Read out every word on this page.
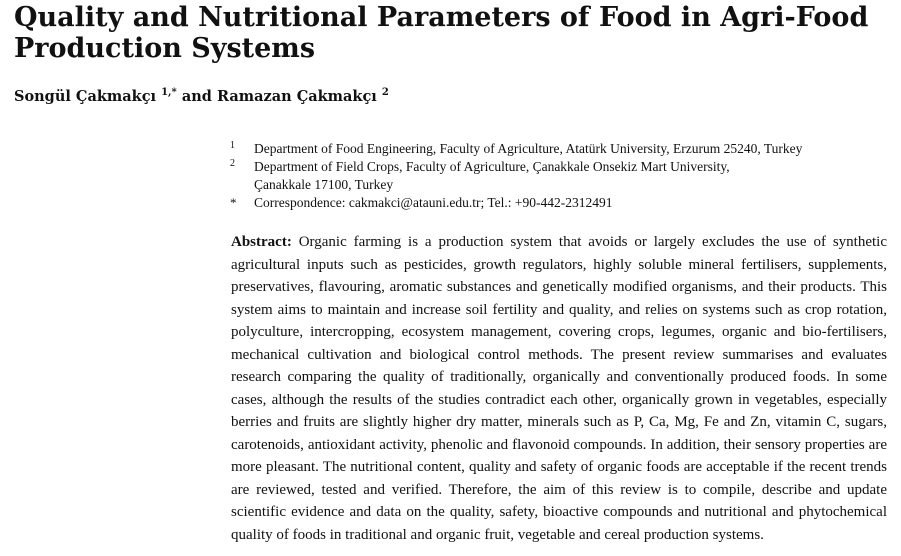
Quality and Nutritional Parameters of Food in Agri-Food
Production Systems
Songül Çakmakçı $^{1,*}$ and Ramazan Çakmakçı $^2$
1 Department of Food Engineering, Faculty of Agriculture, Atatürk University, Erzurum 25240, Turkey
2 Department of Field Crops, Faculty of Agriculture, Çanakkale Onsekiz Mart University,
Çanakkale 17100, Turkey
* Correspondence: cakmakci@atauni.edu.tr; Tel.: +90-442-2312491

Abstract: Organic farming is a production system that avoids or largely excludes the use of synthetic agricultural inputs such as pesticides, growth regulators, highly soluble mineral fertilisers, supplements, preservatives, flavouring, aromatic substances and genetically modified organisms, and their products. This system aims to maintain and increase soil fertility and quality, and relies on systems such as crop rotation, polyculture, intercropping, ecosystem management, covering crops, legumes, organic and bio-fertilisers, mechanical cultivation and biological control methods. The present review summarises and evaluates research comparing the quality of traditionally, organically and conventionally produced foods. In some cases, although the results of the studies contradict each other, organically grown in vegetables, especially berries and fruits are slightly higher dry matter, minerals such as P, Ca, Mg, Fe and Zn, vitamin C, sugars, carotenoids, antioxidant activity, phenolic and flavonoid compounds. In addition, their sensory properties are more pleasant. The nutritional content, quality and safety of organic foods are acceptable if the recent trends are reviewed, tested and verified. Therefore, the aim of this review is to compile, describe and update scientific evidence and data on the quality, safety, bioactive compounds and nutritional and phytochemical quality of foods in traditional and organic fruit, vegetable and cereal production systems.
